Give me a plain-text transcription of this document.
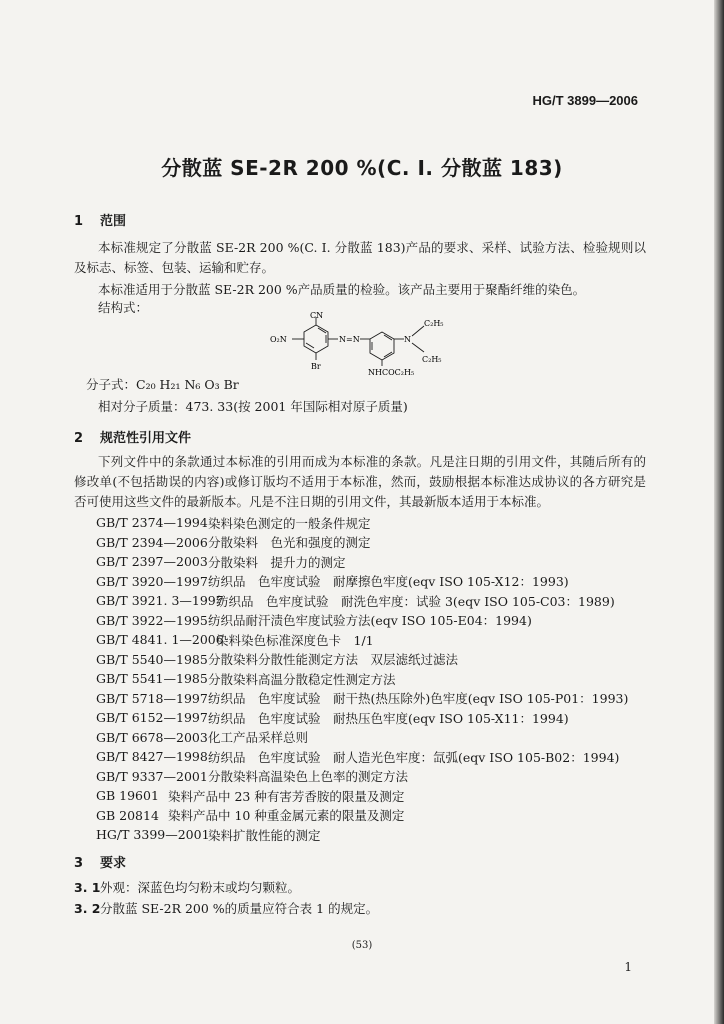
HG/T 3899—2006
分散蓝 SE-2R 200 %(C. I. 分散蓝 183)
1 范围
本标准规定了分散蓝 SE-2R 200 %(C. I. 分散蓝 183)产品的要求、采样、试验方法、检验规则以及标志、标签、包装、运输和贮存。
本标准适用于分散蓝 SE-2R 200 %产品质量的检验。该产品主要用于聚酯纤维的染色。
结构式：
CN
O₂N	N=N
Br
N
C₂H₅
C₂H₅
NHCOC₂H₅
分子式：C₂₀ H₂₁ N₆ O₃ Br
相对分子质量：473. 33(按 2001 年国际相对原子质量)
2 规范性引用文件
下列文件中的条款通过本标准的引用而成为本标准的条款。凡是注日期的引用文件，其随后所有的修改单(不包括勘误的内容)或修订版均不适用于本标准，然而，鼓励根据本标准达成协议的各方研究是否可使用这些文件的最新版本。凡是不注日期的引用文件，其最新版本适用于本标准。
GB/T 2374—1994 染料染色测定的一般条件规定
GB/T 2394—2006 分散染料　色光和强度的测定
GB/T 2397—2003 分散染料　提升力的测定
GB/T 3920—1997 纺织品　色牢度试验　耐摩擦色牢度(eqv ISO 105-X12：1993)
GB/T 3921. 3—1997
纺织品　色牢度试验　耐洗色牢度：试验 3(eqv ISO 105-C03：1989)
GB/T 3922—1995 纺织品耐汗渍色牢度试验方法(eqv ISO 105-E04：1994)
GB/T 4841. 1—2006
染料染色标准深度色卡　1/1
GB/T 5540—1985 分散染料分散性能测定方法　双层滤纸过滤法
GB/T 5541—1985 分散染料高温分散稳定性测定方法
GB/T 5718—1997 纺织品　色牢度试验　耐干热(热压除外)色牢度(eqv ISO 105-P01：1993)
GB/T 6152—1997 纺织品　色牢度试验　耐热压色牢度(eqv ISO 105-X11：1994)
GB/T 6678—2003 化工产品采样总则
GB/T 8427—1998 纺织品　色牢度试验　耐人造光色牢度：氙弧(eqv ISO 105-B02：1994)
GB/T 9337—2001 分散染料高温染色上色率的测定方法
GB 19601 染料产品中 23 种有害芳香胺的限量及测定
GB 20814 染料产品中 10 种重金属元素的限量及测定
HG/T 3399—2001
染料扩散性能的测定
3 要求
3. 1外观：深蓝色均匀粉末或均匀颗粒。
3. 2分散蓝 SE-2R 200 %的质量应符合表 1 的规定。
(53)
1
